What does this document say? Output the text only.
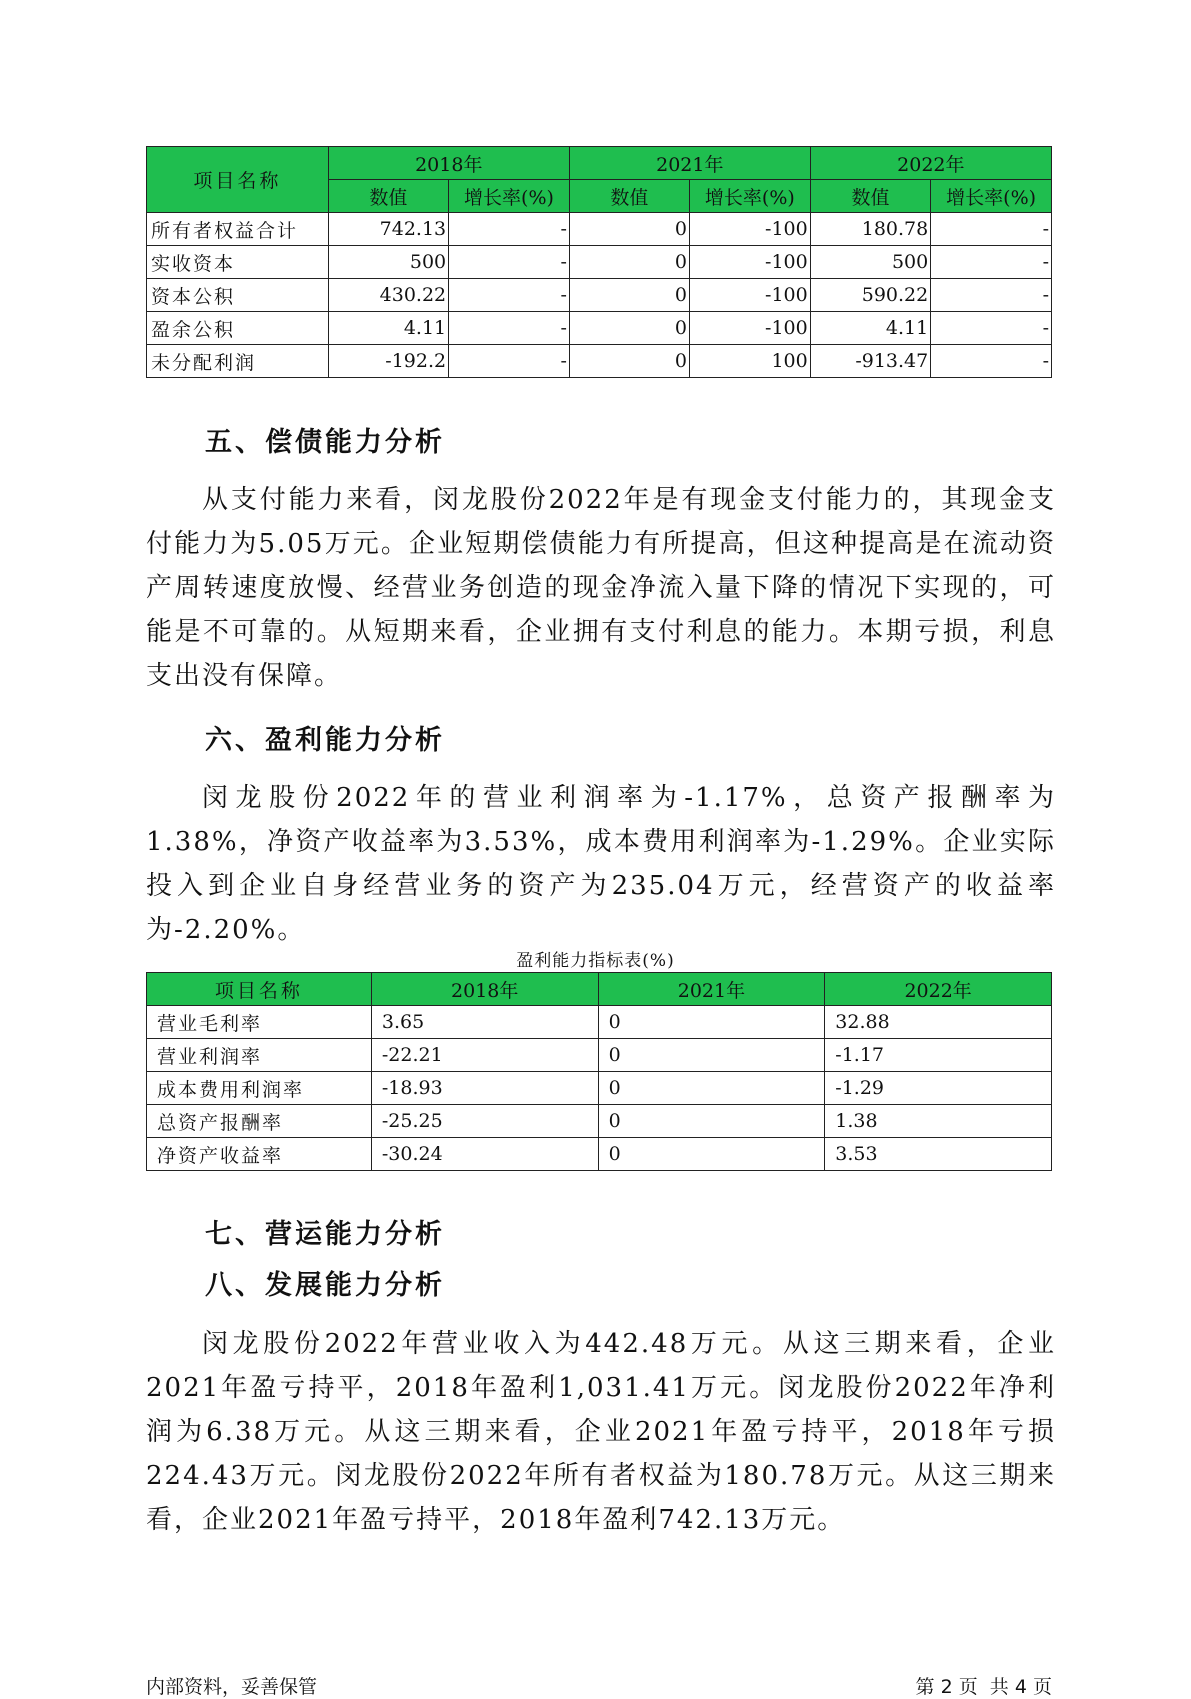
项目名称	2018年		2021年		2022年	
	数值	增长率(%)	数值	增长率(%)	数值	增长率(%)
所有者权益合计	742.13	-	0	-100	180.78	-
实收资本	500	-	0	-100	500	-
资本公积	430.22	-	0	-100	590.22	-
盈余公积	4.11	-	0	-100	4.11	-
未分配利润	-192.2	-	0	100	-913.47	-
五、偿债能力分析

从支付能力来看，闵龙股份2022年是有现金支付能力的，其现金支付能力为5.05万元。企业短期偿债能力有所提高，但这种提高是在流动资产周转速度放慢、经营业务创造的现金净流入量下降的情况下实现的，可能是不可靠的。从短期来看，企业拥有支付利息的能力。本期亏损，利息支出没有保障。

六、盈利能力分析

闵龙股份2022年的营业利润率为-1.17%，总资产报酬率为1.38%，净资产收益率为3.53%，成本费用利润率为-1.29%。企业实际投入到企业自身经营业务的资产为235.04万元，经营资产的收益率为-2.20%。

盈利能力指标表(%)
项目名称	2018年	2021年	2022年
营业毛利率	3.65	0	32.88
营业利润率	-22.21	0	-1.17
成本费用利润率	-18.93	0	-1.29
总资产报酬率	-25.25	0	1.38
净资产收益率	-30.24	0	3.53
七、营运能力分析
八、发展能力分析

闵龙股份2022年营业收入为442.48万元。从这三期来看，企业2021年盈亏持平，2018年盈利1,031.41万元。闵龙股份2022年净利润为6.38万元。从这三期来看，企业2021年盈亏持平，2018年亏损224.43万元。闵龙股份2022年所有者权益为180.78万元。从这三期来看，企业2021年盈亏持平，2018年盈利742.13万元。

内部资料，妥善保管	第 2 页  共 4 页
